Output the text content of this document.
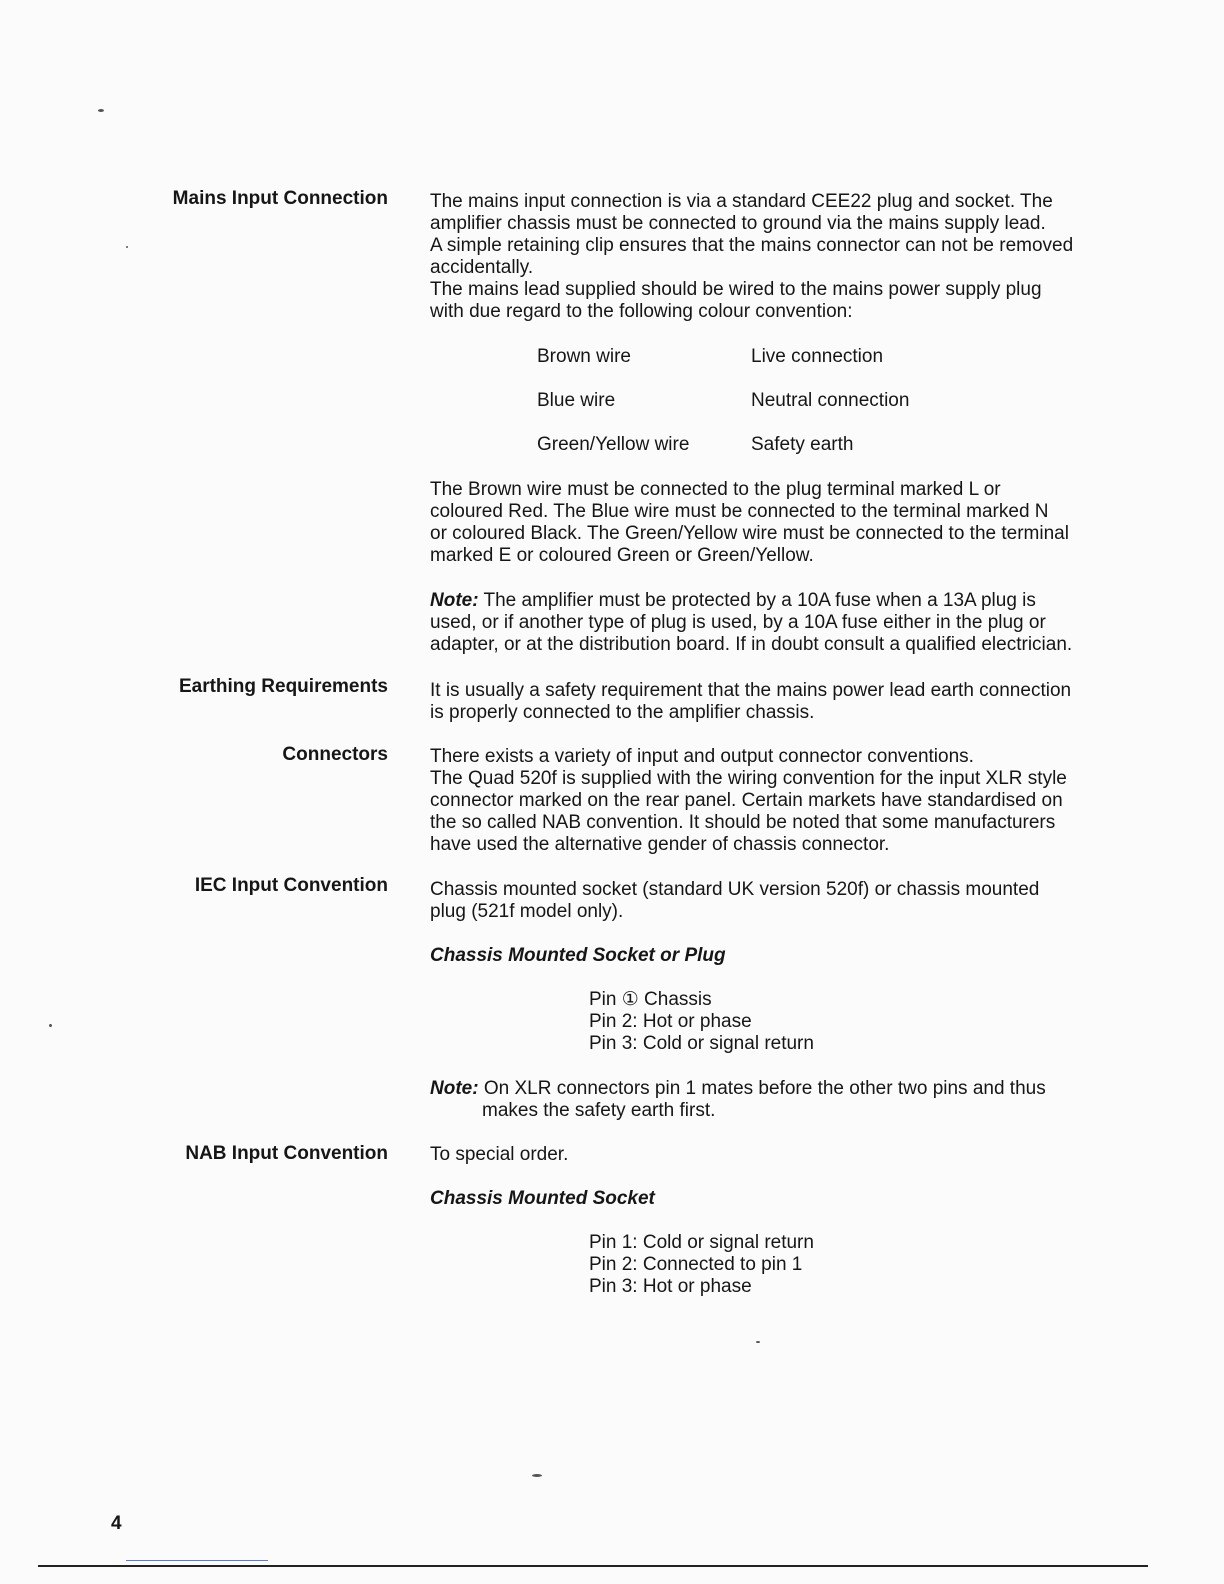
Mains Input Connection The mains input connection is via a standard CEE22 plug and socket. The
amplifier chassis must be connected to ground via the mains supply lead.
A simple retaining clip ensures that the mains connector can not be removed
accidentally.
The mains lead supplied should be wired to the mains power supply plug
with due regard to the following colour convention:
Brown wire	Live connection
Blue wire	Neutral connection
Green/Yellow wire	Safety earth
The Brown wire must be connected to the plug terminal marked L or
coloured Red. The Blue wire must be connected to the terminal marked N
or coloured Black. The Green/Yellow wire must be connected to the terminal
marked E or coloured Green or Green/Yellow.
Note: The amplifier must be protected by a 10A fuse when a 13A plug is
used, or if another type of plug is used, by a 10A fuse either in the plug or
adapter, or at the distribution board. If in doubt consult a qualified electrician.
Earthing Requirements It is usually a safety requirement that the mains power lead earth connection
is properly connected to the amplifier chassis.
Connectors There exists a variety of input and output connector conventions.
The Quad 520f is supplied with the wiring convention for the input XLR style
connector marked on the rear panel. Certain markets have standardised on
the so called NAB convention. It should be noted that some manufacturers
have used the alternative gender of chassis connector.
IEC Input Convention Chassis mounted socket (standard UK version 520f) or chassis mounted
plug (521f model only).
Chassis Mounted Socket or Plug
Pin ① Chassis
Pin 2: Hot or phase
Pin 3: Cold or signal return
Note: On XLR connectors pin 1 mates before the other two pins and thus
makes the safety earth first.
NAB Input Convention To special order.
Chassis Mounted Socket
Pin 1: Cold or signal return
Pin 2: Connected to pin 1
Pin 3: Hot or phase
4
